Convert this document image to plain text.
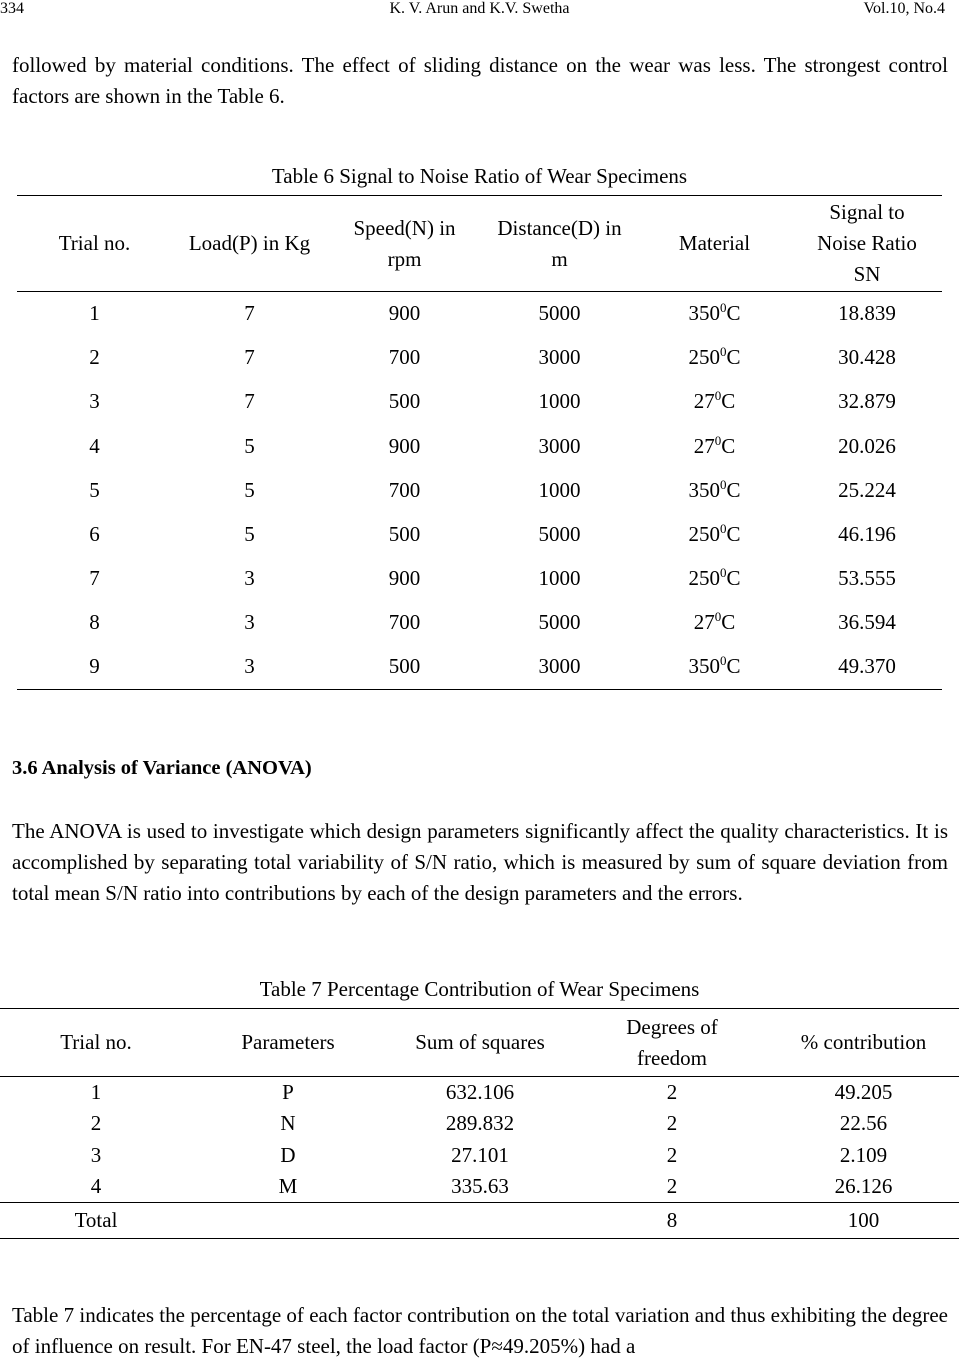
334	K. V. Arun and K.V. Swetha	Vol.10, No.4

followed by material conditions. The effect of sliding distance on the wear was less. The strongest control factors are shown in the Table 6.

Table 6 Signal to Noise Ratio of Wear Specimens
Trial no.	Load(P) in Kg	Speed(N) in rpm	Distance(D) in m	Material	Signal to Noise Ratio SN
1	7	900	5000	$350^0C$	18.839
2	7	700	3000	$250^0C$	30.428
3	7	500	1000	$27^0C$	32.879
4	5	900	3000	$27^0C$	20.026
5	5	700	1000	$350^0C$	25.224
6	5	500	5000	$250^0C$	46.196
7	3	900	1000	$250^0C$	53.555
8	3	700	5000	$27^0C$	36.594
9	3	500	3000	$350^0C$	49.370
3.6 Analysis of Variance (ANOVA)

The ANOVA is used to investigate which design parameters significantly affect the quality characteristics. It is accomplished by separating total variability of S/N ratio, which is measured by sum of square deviation from total mean S/N ratio into contributions by each of the design parameters and the errors.

Table 7 Percentage Contribution of Wear Specimens
Trial no.	Parameters	Sum of squares	Degrees of freedom	% contribution
1	P	632.106	2	49.205
2	N	289.832	2	22.56
3	D	27.101	2	2.109
4	M	335.63	2	26.126
Total			8	100

Table 7 indicates the percentage of each factor contribution on the total variation and thus exhibiting the degree of influence on result. For EN-47 steel, the load factor (P≈49.205%) had a
